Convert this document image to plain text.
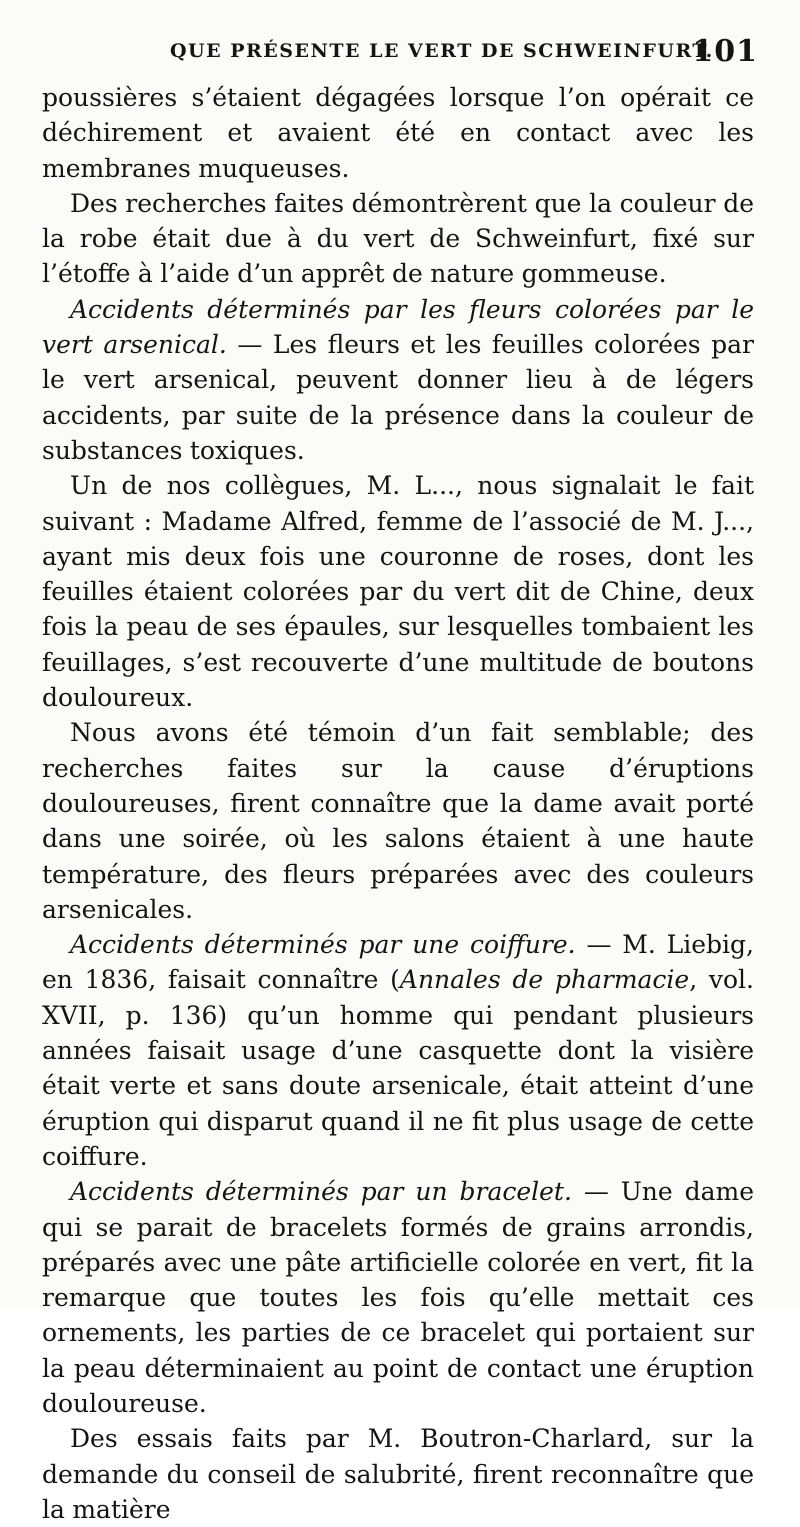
QUE PRÉSENTE LE VERT DE SCHWEINFURT.
101

poussières s’étaient dégagées lorsque l’on opérait ce déchirement et avaient été en contact avec les membranes muqueuses.

Des recherches faites démontrèrent que la couleur de la robe était due à du vert de Schweinfurt, fixé sur l’étoffe à l’aide d’un apprêt de nature gommeuse.

Accidents déterminés par les fleurs colorées par le vert arsenical. — Les fleurs et les feuilles colorées par le vert arsenical, peuvent donner lieu à de légers accidents, par suite de la présence dans la couleur de substances toxiques.

Un de nos collègues, M. L..., nous signalait le fait suivant : Madame Alfred, femme de l’associé de M. J..., ayant mis deux fois une couronne de roses, dont les feuilles étaient colorées par du vert dit de Chine, deux fois la peau de ses épaules, sur lesquelles tombaient les feuillages, s’est recouverte d’une multitude de boutons douloureux.

Nous avons été témoin d’un fait semblable; des recherches faites sur la cause d’éruptions douloureuses, firent connaître que la dame avait porté dans une soirée, où les salons étaient à une haute température, des fleurs préparées avec des couleurs arsenicales.

Accidents déterminés par une coiffure. — M. Liebig, en 1836, faisait connaître (Annales de pharmacie, vol. XVII, p. 136) qu’un homme qui pendant plusieurs années faisait usage d’une casquette dont la visière était verte et sans doute arsenicale, était atteint d’une éruption qui disparut quand il ne fit plus usage de cette coiffure.

Accidents déterminés par un bracelet. — Une dame qui se parait de bracelets formés de grains arrondis, préparés avec une pâte artificielle colorée en vert, fit la remarque que toutes les fois qu’elle mettait ces ornements, les parties de ce bracelet qui portaient sur la peau déterminaient au point de contact une éruption douloureuse.

Des essais faits par M. Boutron-Charlard, sur la demande du conseil de salubrité, firent reconnaître que la matière
